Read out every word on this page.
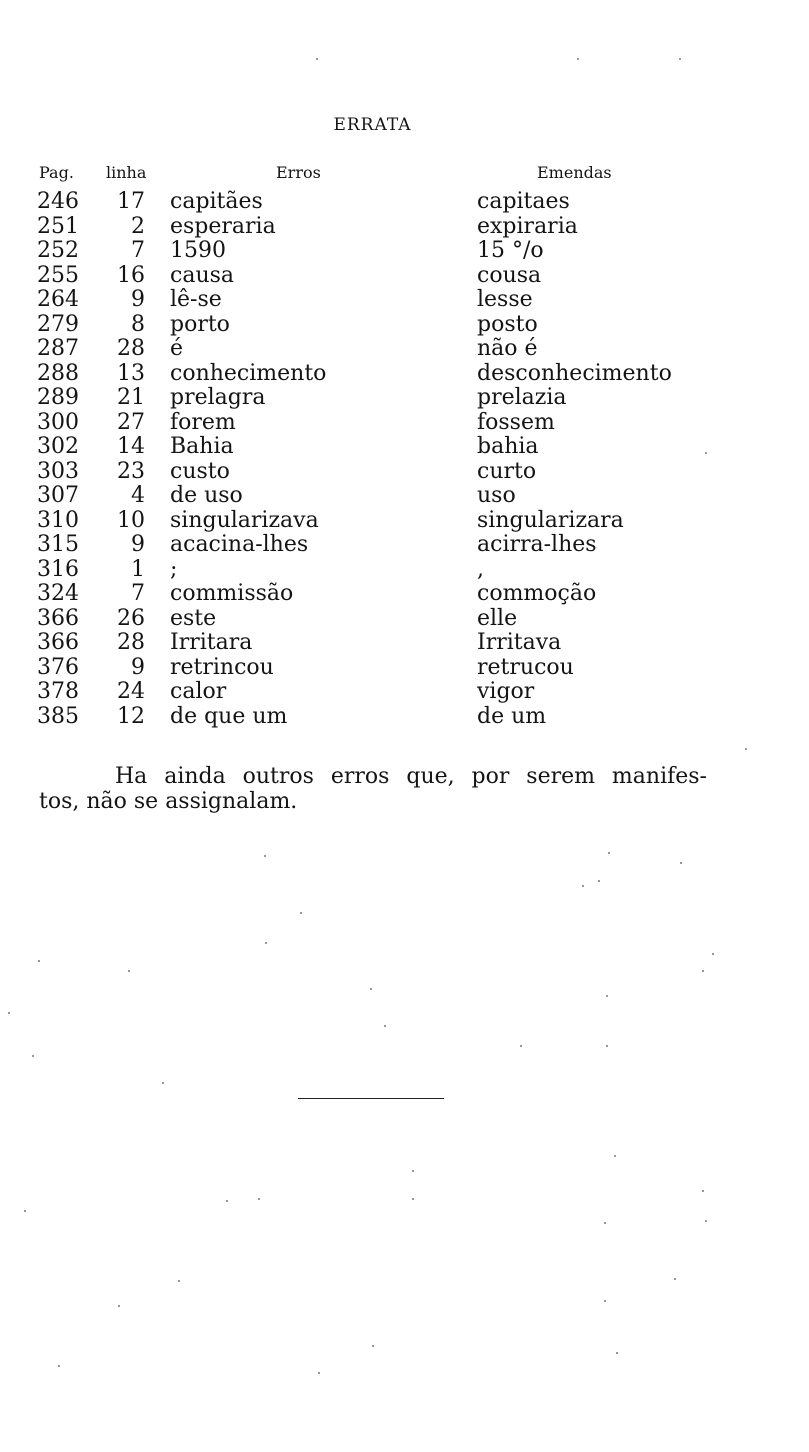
ERRATA
Pag. linha	Erros	Emendas
246	17	capitães	capitaes
251	2	esperaria	expiraria
252	7	1590	15 °/o
255	16	causa	cousa
264	9	lê-se	lesse
279	8	porto	posto
287	28	é	não é
288	13	conhecimento	desconhecimento
289	21	prelagra	prelazia
300	27	forem	fossem
302	14	Bahia	bahia
303	23	custo	curto
307	4	de uso	uso
310	10	singularizava	singularizara
315	9	acacina-lhes	acirra-lhes
316	1	;	,
324	7	commissão	commoção
366	26	este	elle
366	28	Irritara	Irritava
376	9	retrincou	retrucou
378	24	calor	vigor
385	12	de que um	de um
Ha ainda outros erros que, por serem manifes-
tos, não se assignalam.
